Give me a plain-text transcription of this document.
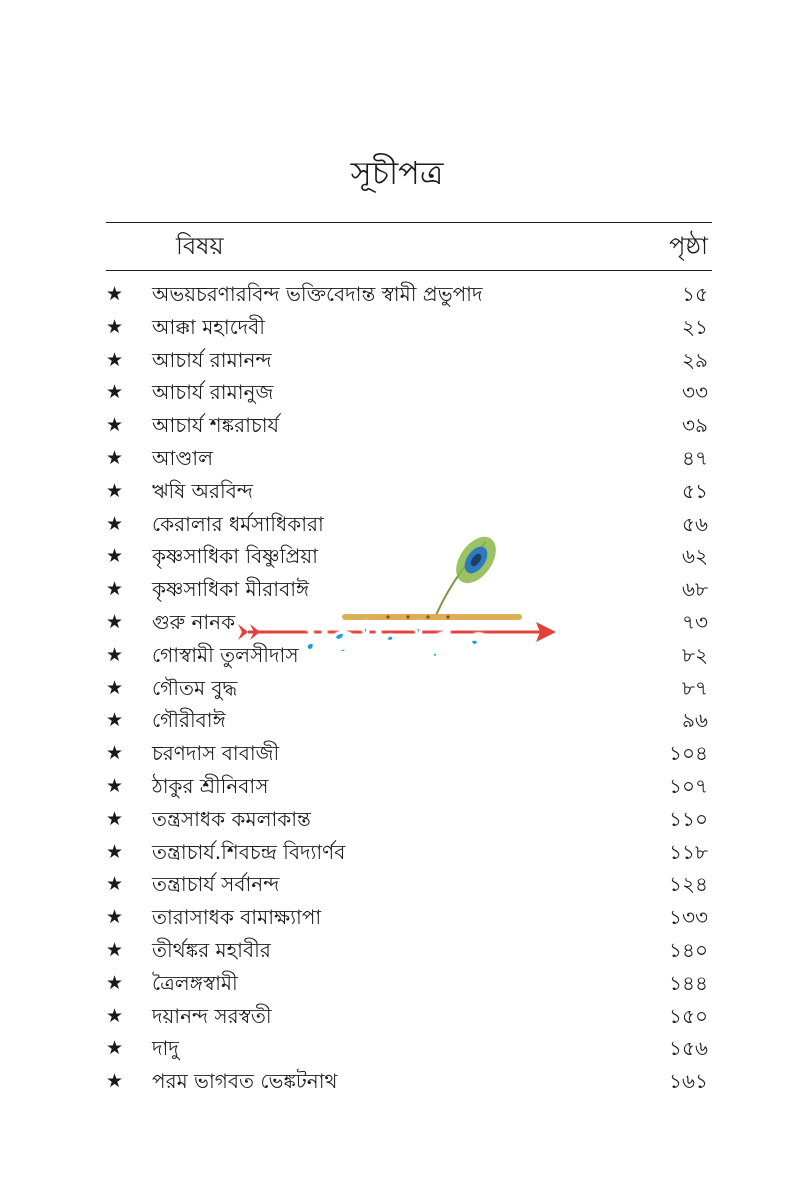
সূচীপত্র
বিষয়	পৃষ্ঠা
★ অভয়চরণারবিন্দ ভক্তিবেদান্ত স্বামী প্রভুপাদ	১৫
★ আক্কা মহাদেবী	২১
★ আচার্য রামানন্দ	২৯
★ আচার্য রামানুজ	৩৩
★ আচার্য শঙ্করাচার্য	৩৯
★ আণ্ডাল	৪৭
★ ঋষি অরবিন্দ	৫১
★ কেরালার ধর্মসাধিকারা	৫৬
★ কৃষ্ণসাধিকা বিষ্ণুপ্রিয়া	৬২
★ কৃষ্ণসাধিকা মীরাবাঈ	৬৮
★ গুরু নানক	৭৩
★ গোস্বামী তুলসীদাস	৮২
★ গৌতম বুদ্ধ	৮৭
★ গৌরীবাঈ	৯৬
★ চরণদাস বাবাজী	১০৪
★ ঠাকুর শ্রীনিবাস	১০৭
★ তন্ত্রসাধক কমলাকান্ত	১১০
★ তন্ত্রাচার্য.শিবচন্দ্র বিদ্যার্ণব	১১৮
★ তন্ত্রাচার্য সর্বানন্দ	১২৪
★ তারাসাধক বামাক্ষ্যাপা	১৩৩
★ তীর্থঙ্কর মহাবীর	১৪০
★ ত্রৈলঙ্গস্বামী	১৪৪
★ দয়ানন্দ সরস্বতী	১৫০
★ দাদু	১৫৬
★ পরম ভাগবত ভেঙ্কটনাথ	১৬১
মহাভারত
